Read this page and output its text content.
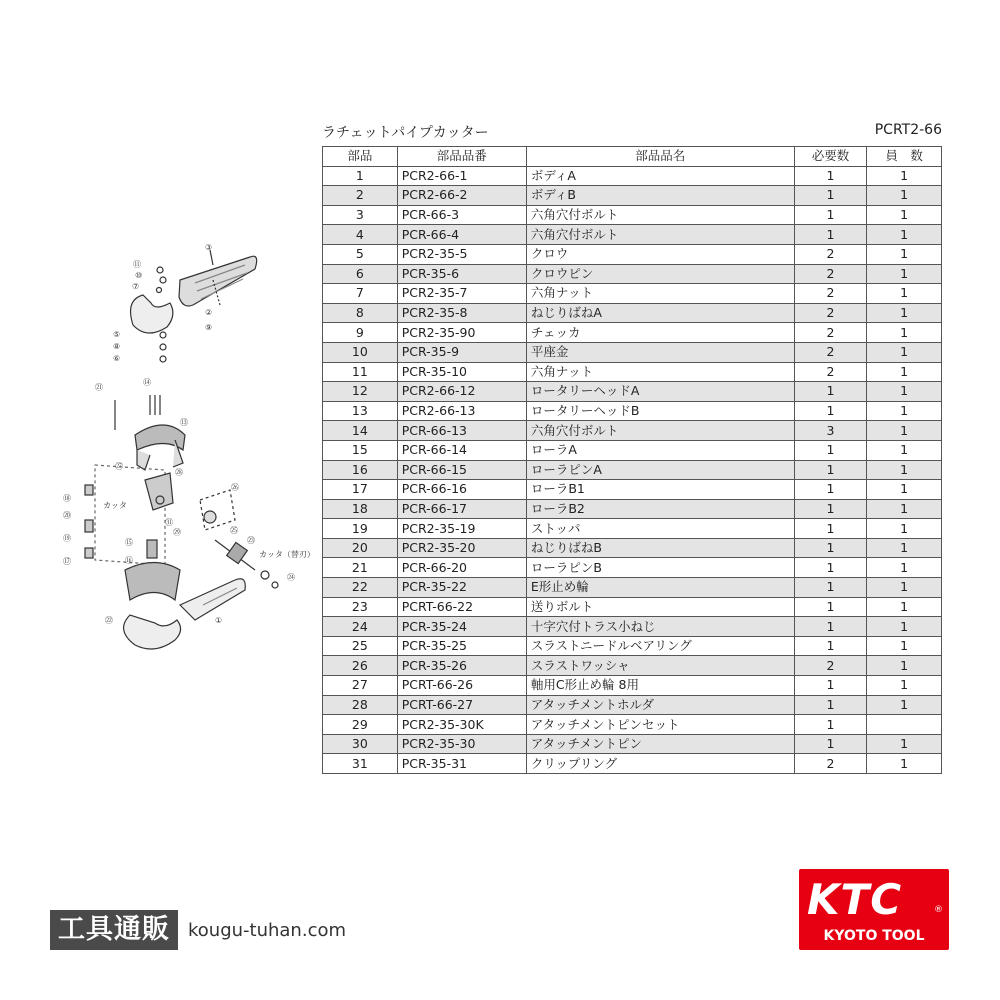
ラチェットパイプカッター	PCRT2-66
部品	部品品番	部品品名	必要数	員　数
1	PCR2-66-1	ボディA	1	1
2	PCR2-66-2	ボディB	1	1
3	PCR-66-3	六角穴付ボルト	1	1
4	PCR-66-4	六角穴付ボルト	1	1
5	PCR2-35-5	クロウ	2	1
6	PCR-35-6	クロウピン	2	1
7	PCR2-35-7	六角ナット	2	1
8	PCR2-35-8	ねじりばねA	2	1
9	PCR2-35-90	チェッカ	2	1
10	PCR-35-9	平座金	2	1
11	PCR-35-10	六角ナット	2	1
12	PCR2-66-12	ロータリーヘッドA	1	1
13	PCR2-66-13	ロータリーヘッドB	1	1
14	PCR-66-13	六角穴付ボルト	3	1
15	PCR-66-14	ローラA	1	1
16	PCR-66-15	ローラピンA	1	1
17	PCR-66-16	ローラB1	1	1
18	PCR-66-17	ローラB2	1	1
19	PCR2-35-19	ストッパ	1	1
20	PCR2-35-20	ねじりばねB	1	1
21	PCR-66-20	ローラピンB	1	1
22	PCR-35-22	E形止め輪	1	1
23	PCRT-66-22	送りボルト	1	1
24	PCR-35-24	十字穴付トラス小ねじ	1	1
25	PCR-35-25	スラストニードルベアリング	1	1
26	PCR-35-26	スラストワッシャ	2	1
27	PCRT-66-26	軸用C形止め輪 8用	1	1
28	PCRT-66-27	アタッチメントホルダ	1	1
29	PCR2-35-30K	アタッチメントピンセット	1	
30	PCR2-35-30	アタッチメントピン	1	1
31	PCR-35-31	クリップリング	2	1
③
⑪
⑩
⑦
②
⑨
⑤
⑧
⑥
㉑
⑭
⑬
㉗
㉘
⑱
カッタ
㉖
⑳
㉛
⑲
㉕
⑮
㉙
㉓
⑰	⑯
カッタ（替刃）
㉔
㉒	①
工具通販	kougu-tuhan.com
KTC	®
KYOTO TOOL
